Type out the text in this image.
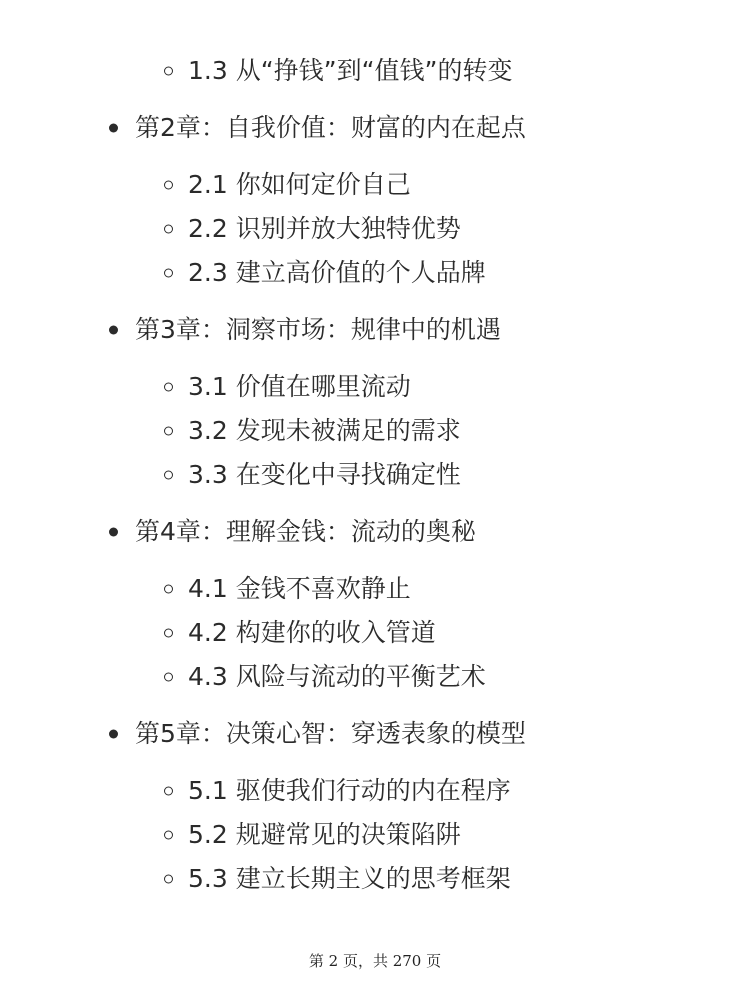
1.3 从“挣钱”到“值钱”的转变
第2章：自我价值：财富的内在起点
2.1 你如何定价自己
2.2 识别并放大独特优势
2.3 建立高价值的个人品牌
第3章：洞察市场：规律中的机遇
3.1 价值在哪里流动
3.2 发现未被满足的需求
3.3 在变化中寻找确定性
第4章：理解金钱：流动的奥秘
4.1 金钱不喜欢静止
4.2 构建你的收入管道
4.3 风险与流动的平衡艺术
第5章：决策心智：穿透表象的模型
5.1 驱使我们行动的内在程序
5.2 规避常见的决策陷阱
5.3 建立长期主义的思考框架
第 2 页，共 270 页
